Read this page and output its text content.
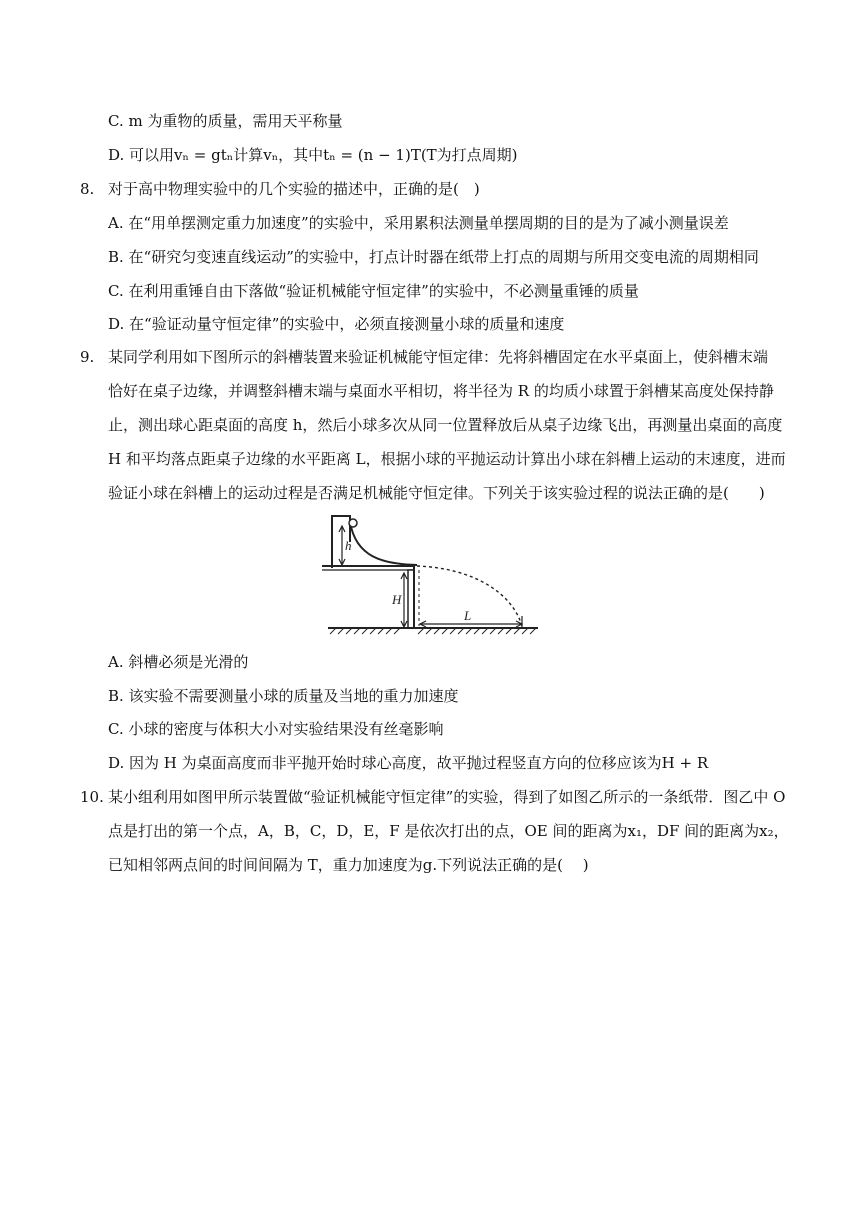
C. m 为重物的质量，需用天平称量
D. 可以用vₙ = gtₙ计算vₙ，其中tₙ = (n − 1)T(T为打点周期)
8. 对于高中物理实验中的几个实验的描述中，正确的是(　)
A. 在“用单摆测定重力加速度”的实验中，采用累积法测量单摆周期的目的是为了减小测量误差
B. 在“研究匀变速直线运动”的实验中，打点计时器在纸带上打点的周期与所用交变电流的周期相同
C. 在利用重锤自由下落做“验证机械能守恒定律”的实验中，不必测量重锤的质量
D. 在“验证动量守恒定律”的实验中，必须直接测量小球的质量和速度
9. 某同学利用如下图所示的斜槽装置来验证机械能守恒定律：先将斜槽固定在水平桌面上，使斜槽末端
恰好在桌子边缘，并调整斜槽末端与桌面水平相切，将半径为 R 的均质小球置于斜槽某高度处保持静
止，测出球心距桌面的高度 h，然后小球多次从同一位置释放后从桌子边缘飞出，再测量出桌面的高度
H 和平均落点距桌子边缘的水平距离 L，根据小球的平抛运动计算出小球在斜槽上运动的末速度，进而
验证小球在斜槽上的运动过程是否满足机械能守恒定律。下列关于该实验过程的说法正确的是(　　)
h
H
L
A. 斜槽必须是光滑的
B. 该实验不需要测量小球的质量及当地的重力加速度
C. 小球的密度与体积大小对实验结果没有丝毫影响
D. 因为 H 为桌面高度而非平抛开始时球心高度，故平抛过程竖直方向的位移应该为H + R
10. 某小组利用如图甲所示装置做“验证机械能守恒定律”的实验，得到了如图乙所示的一条纸带．图乙中 O
点是打出的第一个点，A，B，C，D，E，F 是依次打出的点，OE 间的距离为x₁，DF 间的距离为x₂，
已知相邻两点间的时间间隔为 T，重力加速度为g.下列说法正确的是(　 )
